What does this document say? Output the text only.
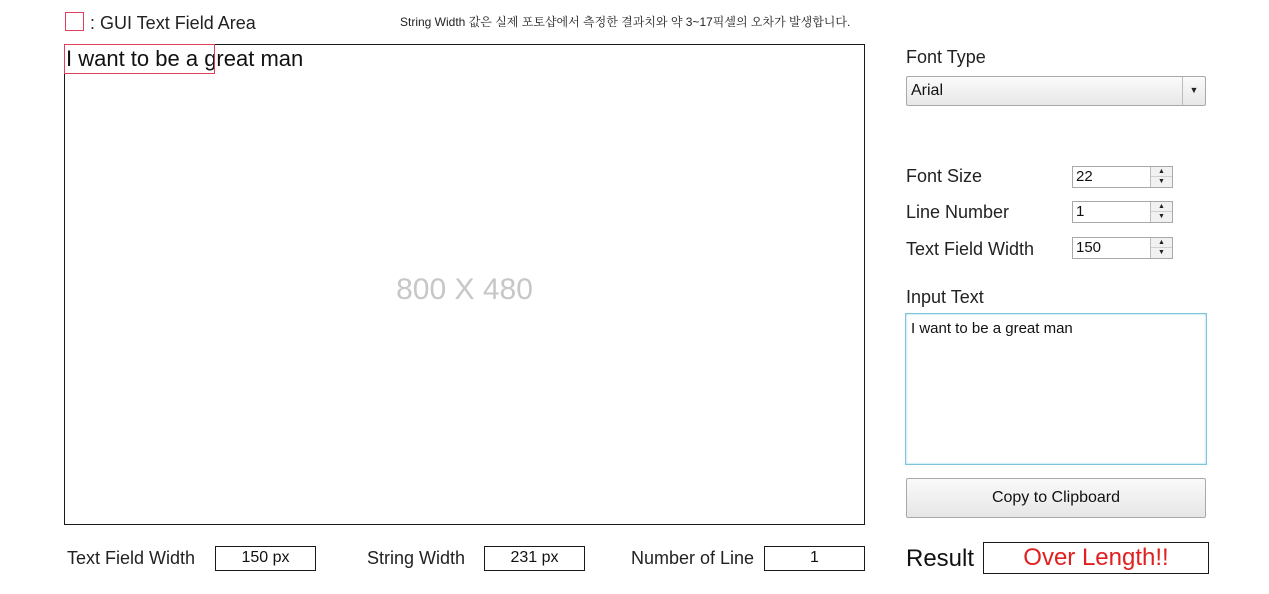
: GUI Text Field Area	String Width 값은 실제 포토샵에서 측정한 결과치와 약 3~17픽셀의 오차가 발생합니다.
800 X 480
I want to be a great man	Font Type
Arial	▼
Font Size	22	▲
▼
Line Number	1	▲
▼
Text Field Width	150	▲
▼
Input Text
I want to be a great man
Copy to Clipboard
Text Field Width	150 px	String Width	231 px	Number of Line	1	Result	Over Length!!
